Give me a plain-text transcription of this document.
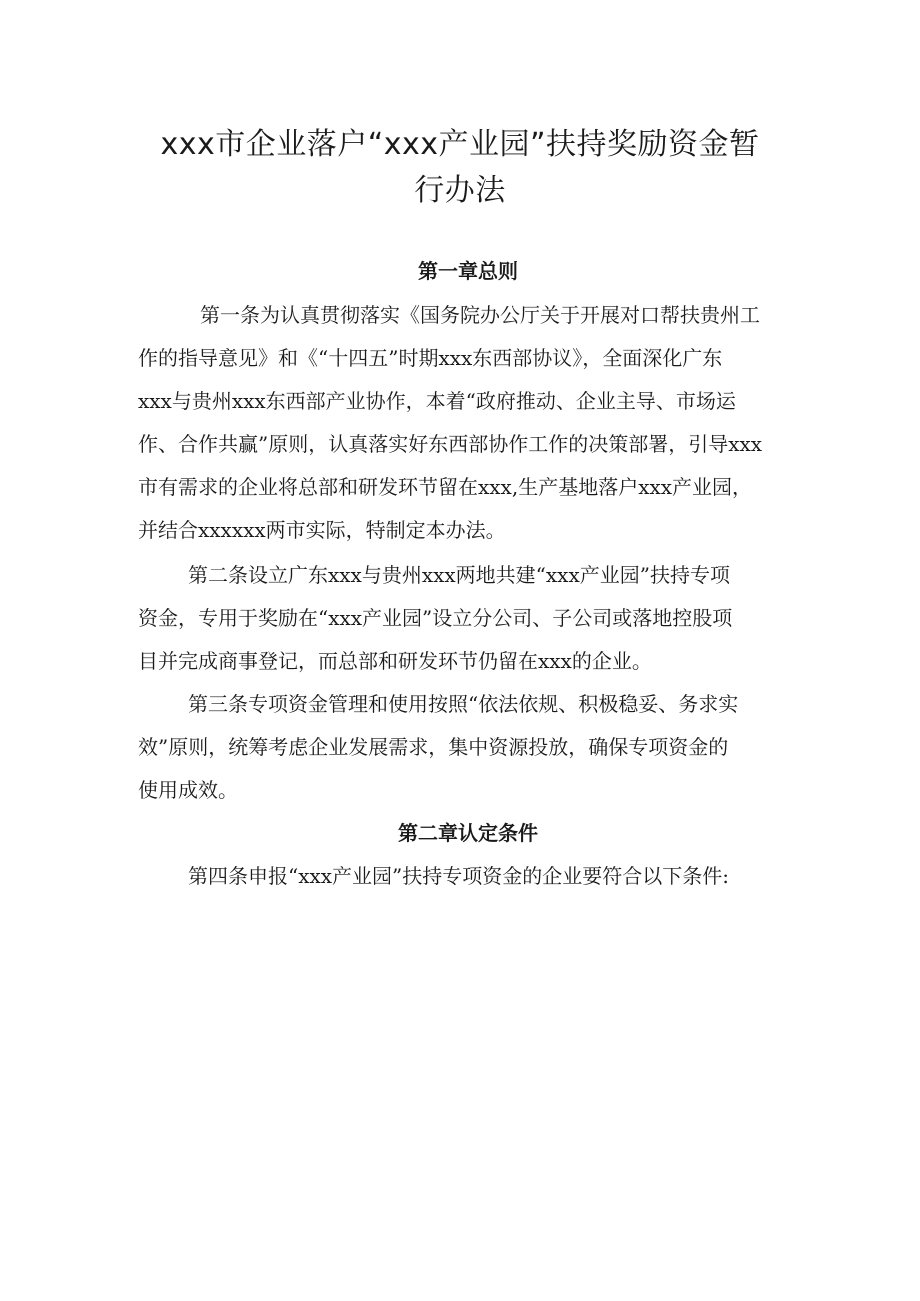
xxx市企业落户“xxx产业园”扶持奖励资金暂
行办法
第一章总则

第一条为认真贯彻落实《国务院办公厅关于开展对口帮扶贵州工
作的指导意见》和《“十四五”时期xxx东西部协议》，全面深化广东
xxx与贵州xxx东西部产业协作，本着“政府推动、企业主导、市场运
作、合作共赢”原则，认真落实好东西部协作工作的决策部署，引导xxx
市有需求的企业将总部和研发环节留在xxx,生产基地落户xxx产业园，
并结合xxxxxx两市实际，特制定本办法。

第二条设立广东xxx与贵州xxx两地共建“xxx产业园”扶持专项
资金，专用于奖励在“xxx产业园”设立分公司、子公司或落地控股项
目并完成商事登记，而总部和研发环节仍留在xxx的企业。

第三条专项资金管理和使用按照“依法依规、积极稳妥、务求实
效”原则，统筹考虑企业发展需求，集中资源投放，确保专项资金的
使用成效。

第二章认定条件

第四条申报“xxx产业园”扶持专项资金的企业要符合以下条件:
